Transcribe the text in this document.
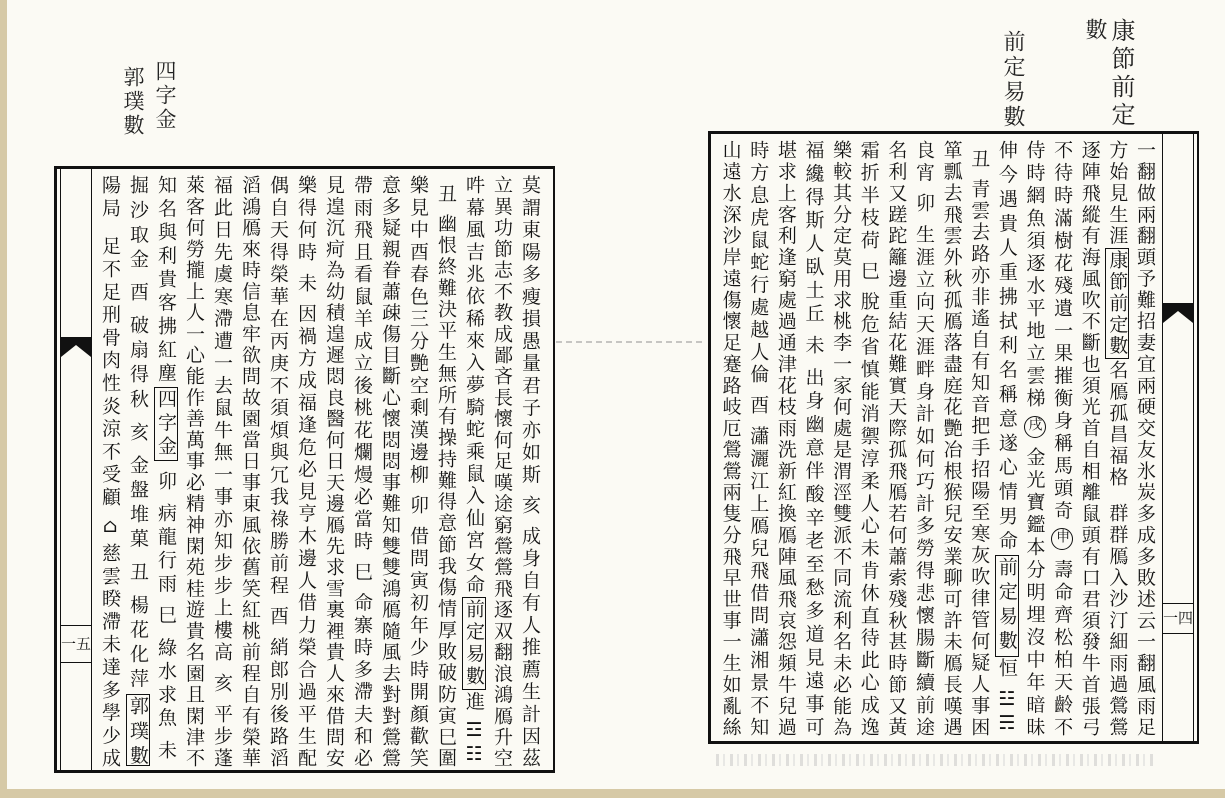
康節前定
數
前定易數
四字金
郭璞數
一五
莫謂東陽多瘦損愚量君子亦如斯亥成身自有人推薦生計因茲
立異功節志不教成鄙吝長懷何足嘆途窮鶯鶯飛逐双翻浪鴻鴈升空
吽幕風吉兆依稀來入夢騎蛇乘鼠入仙宮女命前定易數進☲☷
丑幽恨終難決平生無所有操持難得意節我傷情厚敗破防寅巳圍
樂見中酉春色三分艷空剩漢邊柳卯借問寅初年少時開顏歡笑
意多疑親眷蕭疎傷目斷心懷悶悶事難知雙雙鴻鴈隨風去對對鶯鶯
帶雨飛且看鼠羊成立後桃花爛熳必當時巳命寨時多滯夫和必
見遑沉疴為幼積遑遲悶良醫何日天邊鴈先求雪裏裡貴人來借問安
樂得何時未因禍方成福逢危必見亨木邊人借力榮合過平生配
偶自天得榮華在丙庚不須煩與冗我祿勝前程酉綃郎別後路滔
滔鴻鴈來時信息牢欲問故園當日事東風依舊笑紅桃前程自有榮華
福此日先虞寒滯遭一去鼠牛無一事亦知步步上樓高亥平步蓬
萊客何勞攏上人一心能作善萬事必精神閑苑桂遊貴名園且閑津不
知名與利貴客拂紅塵四字金卯病龍行雨巳綠水求魚未
掘沙取金酉破扇得秋亥金盤堆菓丑楊花化萍郭璞數
陽局足不足刑骨肉性炎涼不受顧⌂慈雲睽滯未達多學少成	一四
一翻做兩翻頭予難招妻宜兩硬交友氷炭多成多敗述云一翻風雨足
方始見生涯康節前定數名鴈孤昌福格群群鴈入沙汀細雨過鶯鶯
逐陣飛縱有海風吹不斷也須光首自相離鼠頭有口君須發牛首張弓
不待時滿樹花殘遺一果摧衡身稱馬頭奇申壽命齊松柏天齡不
侍時網魚須逐水平地立雲梯戌金光寶鑑本分明埋沒中年暗昧
伸今遇貴人重拂拭利名稱意遂心情男命前定易數恒☳☴
丑青雲去路亦非遙自有知音把手招陽至寒灰吹律管何疑人事困
箪瓢去飛雲外秋孤鴈落盡庭花艷冶根猴兒安業聊可許未鴈長嘆遇
良宵卯生涯立向天涯畔身計如何巧計多勞得悲懷腸斷續前途
名利又蹉跎籬邊重結花難實天際孤飛鴈若何蕭索殘秋甚時節又黃
霜折半枝荷巳脫危省慎能消禦淳柔人心未肯休直待此心成逸
樂較其分定莫用求桃李一家何處是渭涇雙派不同流利名未必能為
福纔得斯人臥土丘未出身幽意伴酸辛老至愁多道見遠事可
堪求上客利逢窮處過通津花枝雨洗新紅換鴈陣風飛哀怨頻牛兒過
時方息虎鼠蛇行處越人倫酉瀟灑江上鴈兒飛借問瀟湘景不知
山遠水深沙岸遠傷懷足蹇路岐厄鶯鶯兩隻分飛早世事一生如亂絲
